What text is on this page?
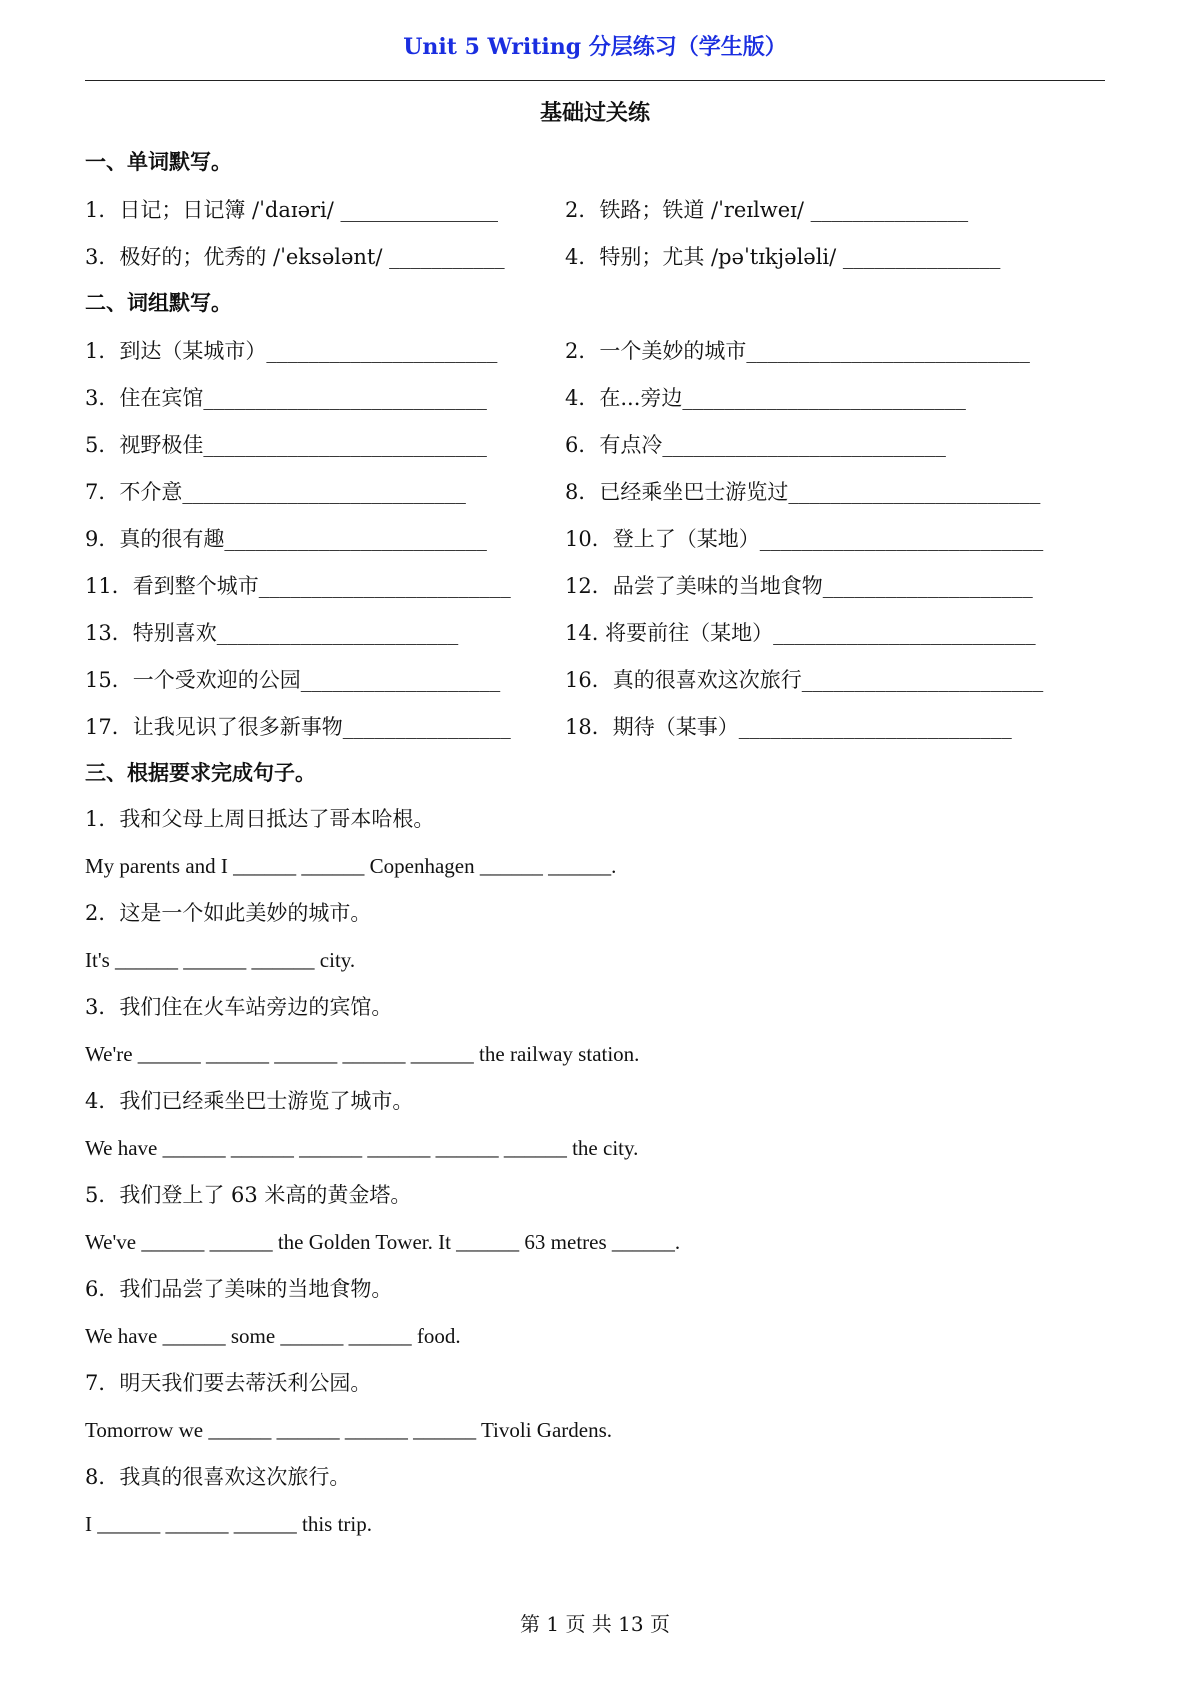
Unit 5 Writing 分层练习（学生版）
基础过关练
一、单词默写。
1．日记；日记簿 /ˈdaɪəri/ _______________	2．铁路；铁道 /ˈreɪlweɪ/ _______________
3．极好的；优秀的 /ˈeksələnt/ ___________	4．特别；尤其 /pəˈtɪkjələli/ _______________
二、词组默写。
1．到达（某城市）______________________	2．一个美妙的城市___________________________
3．住在宾馆___________________________	4．在...旁边___________________________
5．视野极佳___________________________	6．有点冷___________________________
7．不介意___________________________	8．已经乘坐巴士游览过________________________
9．真的很有趣_________________________	10．登上了（某地）___________________________
11．看到整个城市________________________	12．品尝了美味的当地食物____________________
13．特别喜欢_______________________	14. 将要前往（某地）_________________________
15．一个受欢迎的公园___________________	16．真的很喜欢这次旅行_______________________
17．让我见识了很多新事物________________	18．期待（某事）__________________________
三、根据要求完成句子。
1．我和父母上周日抵达了哥本哈根。
My parents and I ______ ______ Copenhagen ______ ______.
2．这是一个如此美妙的城市。
It's ______ ______ ______ city.
3．我们住在火车站旁边的宾馆。
We're ______ ______ ______ ______ ______ the railway station.
4．我们已经乘坐巴士游览了城市。
We have ______ ______ ______ ______ ______ ______ the city.
5．我们登上了 63 米高的黄金塔。
We've ______ ______ the Golden Tower. It ______ 63 metres ______.
6．我们品尝了美味的当地食物。
We have ______ some ______ ______ food.
7．明天我们要去蒂沃利公园。
Tomorrow we ______ ______ ______ ______ Tivoli Gardens.
8．我真的很喜欢这次旅行。
I ______ ______ ______ this trip.
第 1 页 共 13 页
